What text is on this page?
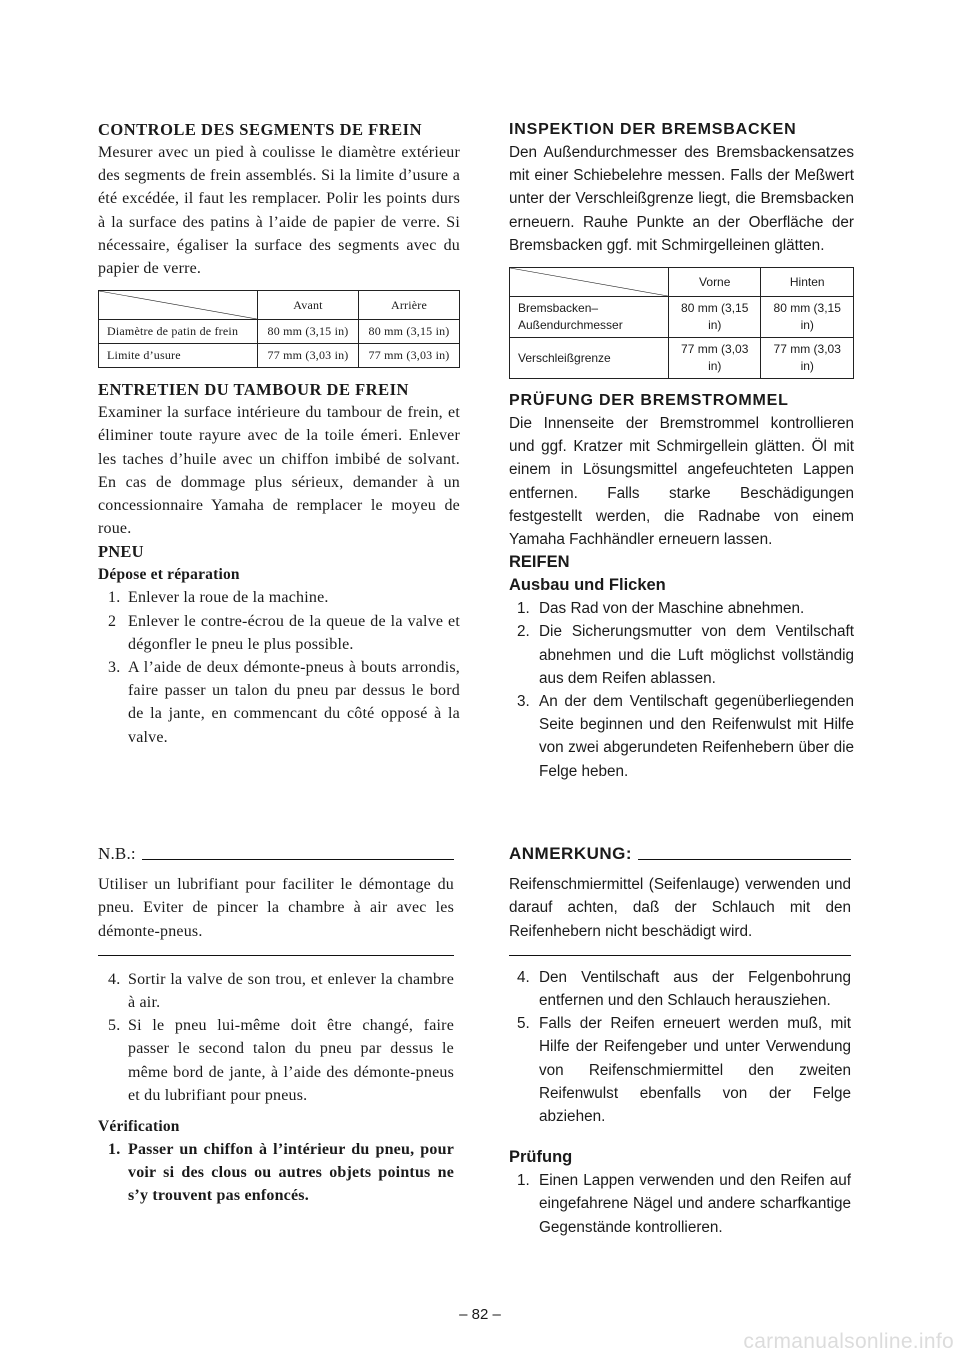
CONTROLE DES SEGMENTS DE FREIN

Mesurer avec un pied à coulisse le diamètre extérieur des segments de frein assemblés. Si la limite d’usure a été excédée, il faut les remplacer. Polir les points durs à la surface des patins à l’aide de papier de verre. Si nécessaire, égaliser la surface des segments avec du papier de verre.

	Avant	Arrière
Diamètre de patin de frein	80 mm (3,15 in)	80 mm (3,15 in)
Limite d’usure	77 mm (3,03 in)	77 mm (3,03 in)
ENTRETIEN DU TAMBOUR DE FREIN

Examiner la surface intérieure du tambour de frein, et éliminer toute rayure avec de la toile émeri. Enlever les taches d’huile avec un chiffon imbibé de solvant. En cas de dommage plus sérieux, demander à un concessionnaire Yamaha de remplacer le moyeu de roue.

PNEU
Dépose et réparation
1. Enlever la roue de la machine.
2 Enlever le contre-écrou de la queue de la valve et dégonfler le pneu le plus possible.
3. A l’aide de deux démonte-pneus à bouts arrondis, faire passer un talon du pneu par dessus le bord de la jante, en commencant du côté opposé à la valve.
N.B.:

Utiliser un lubrifiant pour faciliter le démontage du pneu. Eviter de pincer la chambre à air avec les démonte-pneus.

4. Sortir la valve de son trou, et enlever la chambre à air.
5. Si le pneu lui-même doit être changé, faire passer le second talon du pneu par dessus le même bord de jante, à l’aide des démonte-pneus et du lubrifiant pour pneus.
Vérification
1. Passer un chiffon à l’intérieur du pneu, pour voir si des clous ou autres objets pointus ne s’y trouvent pas enfoncés.
INSPEKTION DER BREMSBACKEN

Den Außendurchmesser des Bremsbackensatzes mit einer Schiebelehre messen. Falls der Meßwert unter der Verschleißgrenze liegt, die Bremsbacken erneuern. Rauhe Punkte an der Oberfläche der Bremsbacken ggf. mit Schmirgelleinen glätten.

	Vorne	Hinten
Bremsbacken– Außendurchmesser	80 mm (3,15 in)	80 mm (3,15 in)
Verschleißgrenze	77 mm (3,03 in)	77 mm (3,03 in)
PRÜFUNG DER BREMSTROMMEL

Die Innenseite der Bremstrommel kontrollieren und ggf. Kratzer mit Schmirgellein glätten. Öl mit einem in Lösungsmittel angefeuchteten Lappen entfernen. Falls starke Beschädigungen festgestellt werden, die Radnabe von einem Yamaha Fachhändler erneuern lassen.

REIFEN
Ausbau und Flicken
1. Das Rad von der Maschine abnehmen.
2. Die Sicherungsmutter von dem Ventilschaft abnehmen und die Luft möglichst vollständig aus dem Reifen ablassen.
3. An der dem Ventilschaft gegenüberliegenden Seite beginnen und den Reifenwulst mit Hilfe von zwei abgerundeten Reifenhebern über die Felge heben.
ANMERKUNG:

Reifenschmiermittel (Seifenlauge) verwenden und darauf achten, daß der Schlauch mit den Reifenhebern nicht beschädigt wird.

4. Den Ventilschaft aus der Felgenbohrung entfernen und den Schlauch herausziehen.
5. Falls der Reifen erneuert werden muß, mit Hilfe der Reifengeber und unter Verwendung von Reifenschmiermittel den zweiten Reifenwulst ebenfalls von der Felge abziehen.
Prüfung
1. Einen Lappen verwenden und den Reifen auf eingefahrene Nägel und andere scharfkantige Gegenstände kontrollieren.
– 82 –
carmanualsonline.info
